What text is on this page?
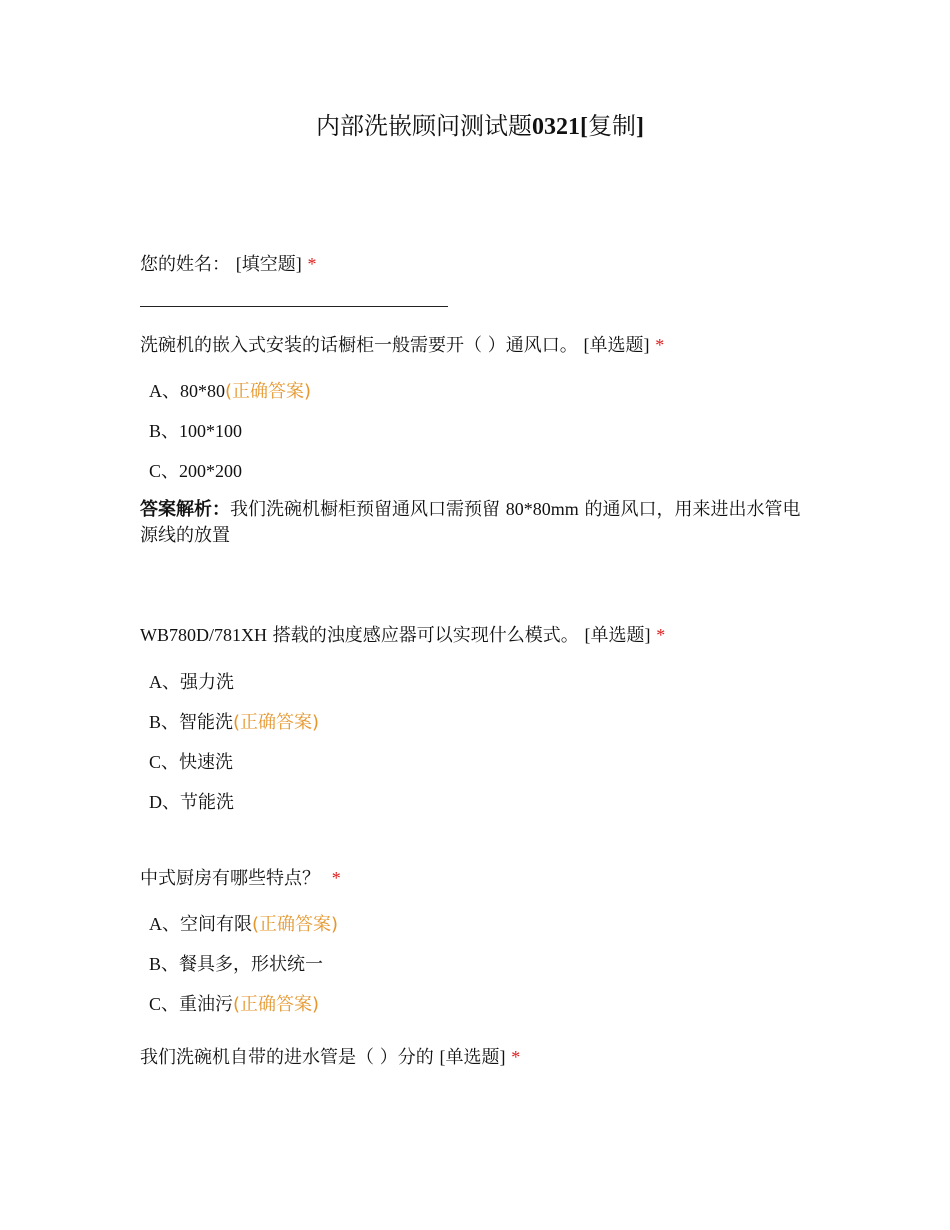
内部洗嵌顾问测试题0321[复制]
您的姓名： [填空题] *
洗碗机的嵌入式安装的话橱柜一般需要开（ ）通风口。 [单选题] *
A、80*80(正确答案)
B、100*100
C、200*200
答案解析：我们洗碗机橱柜预留通风口需预留 80*80mm 的通风口，用来进出水管电源线的放置
WB780D/781XH 搭载的浊度感应器可以实现什么模式。 [单选题] *
A、强力洗
B、智能洗(正确答案)
C、快速洗
D、节能洗
中式厨房有哪些特点？ *
A、空间有限(正确答案)
B、餐具多，形状统一
C、重油污(正确答案)
我们洗碗机自带的进水管是（ ）分的 [单选题] *
